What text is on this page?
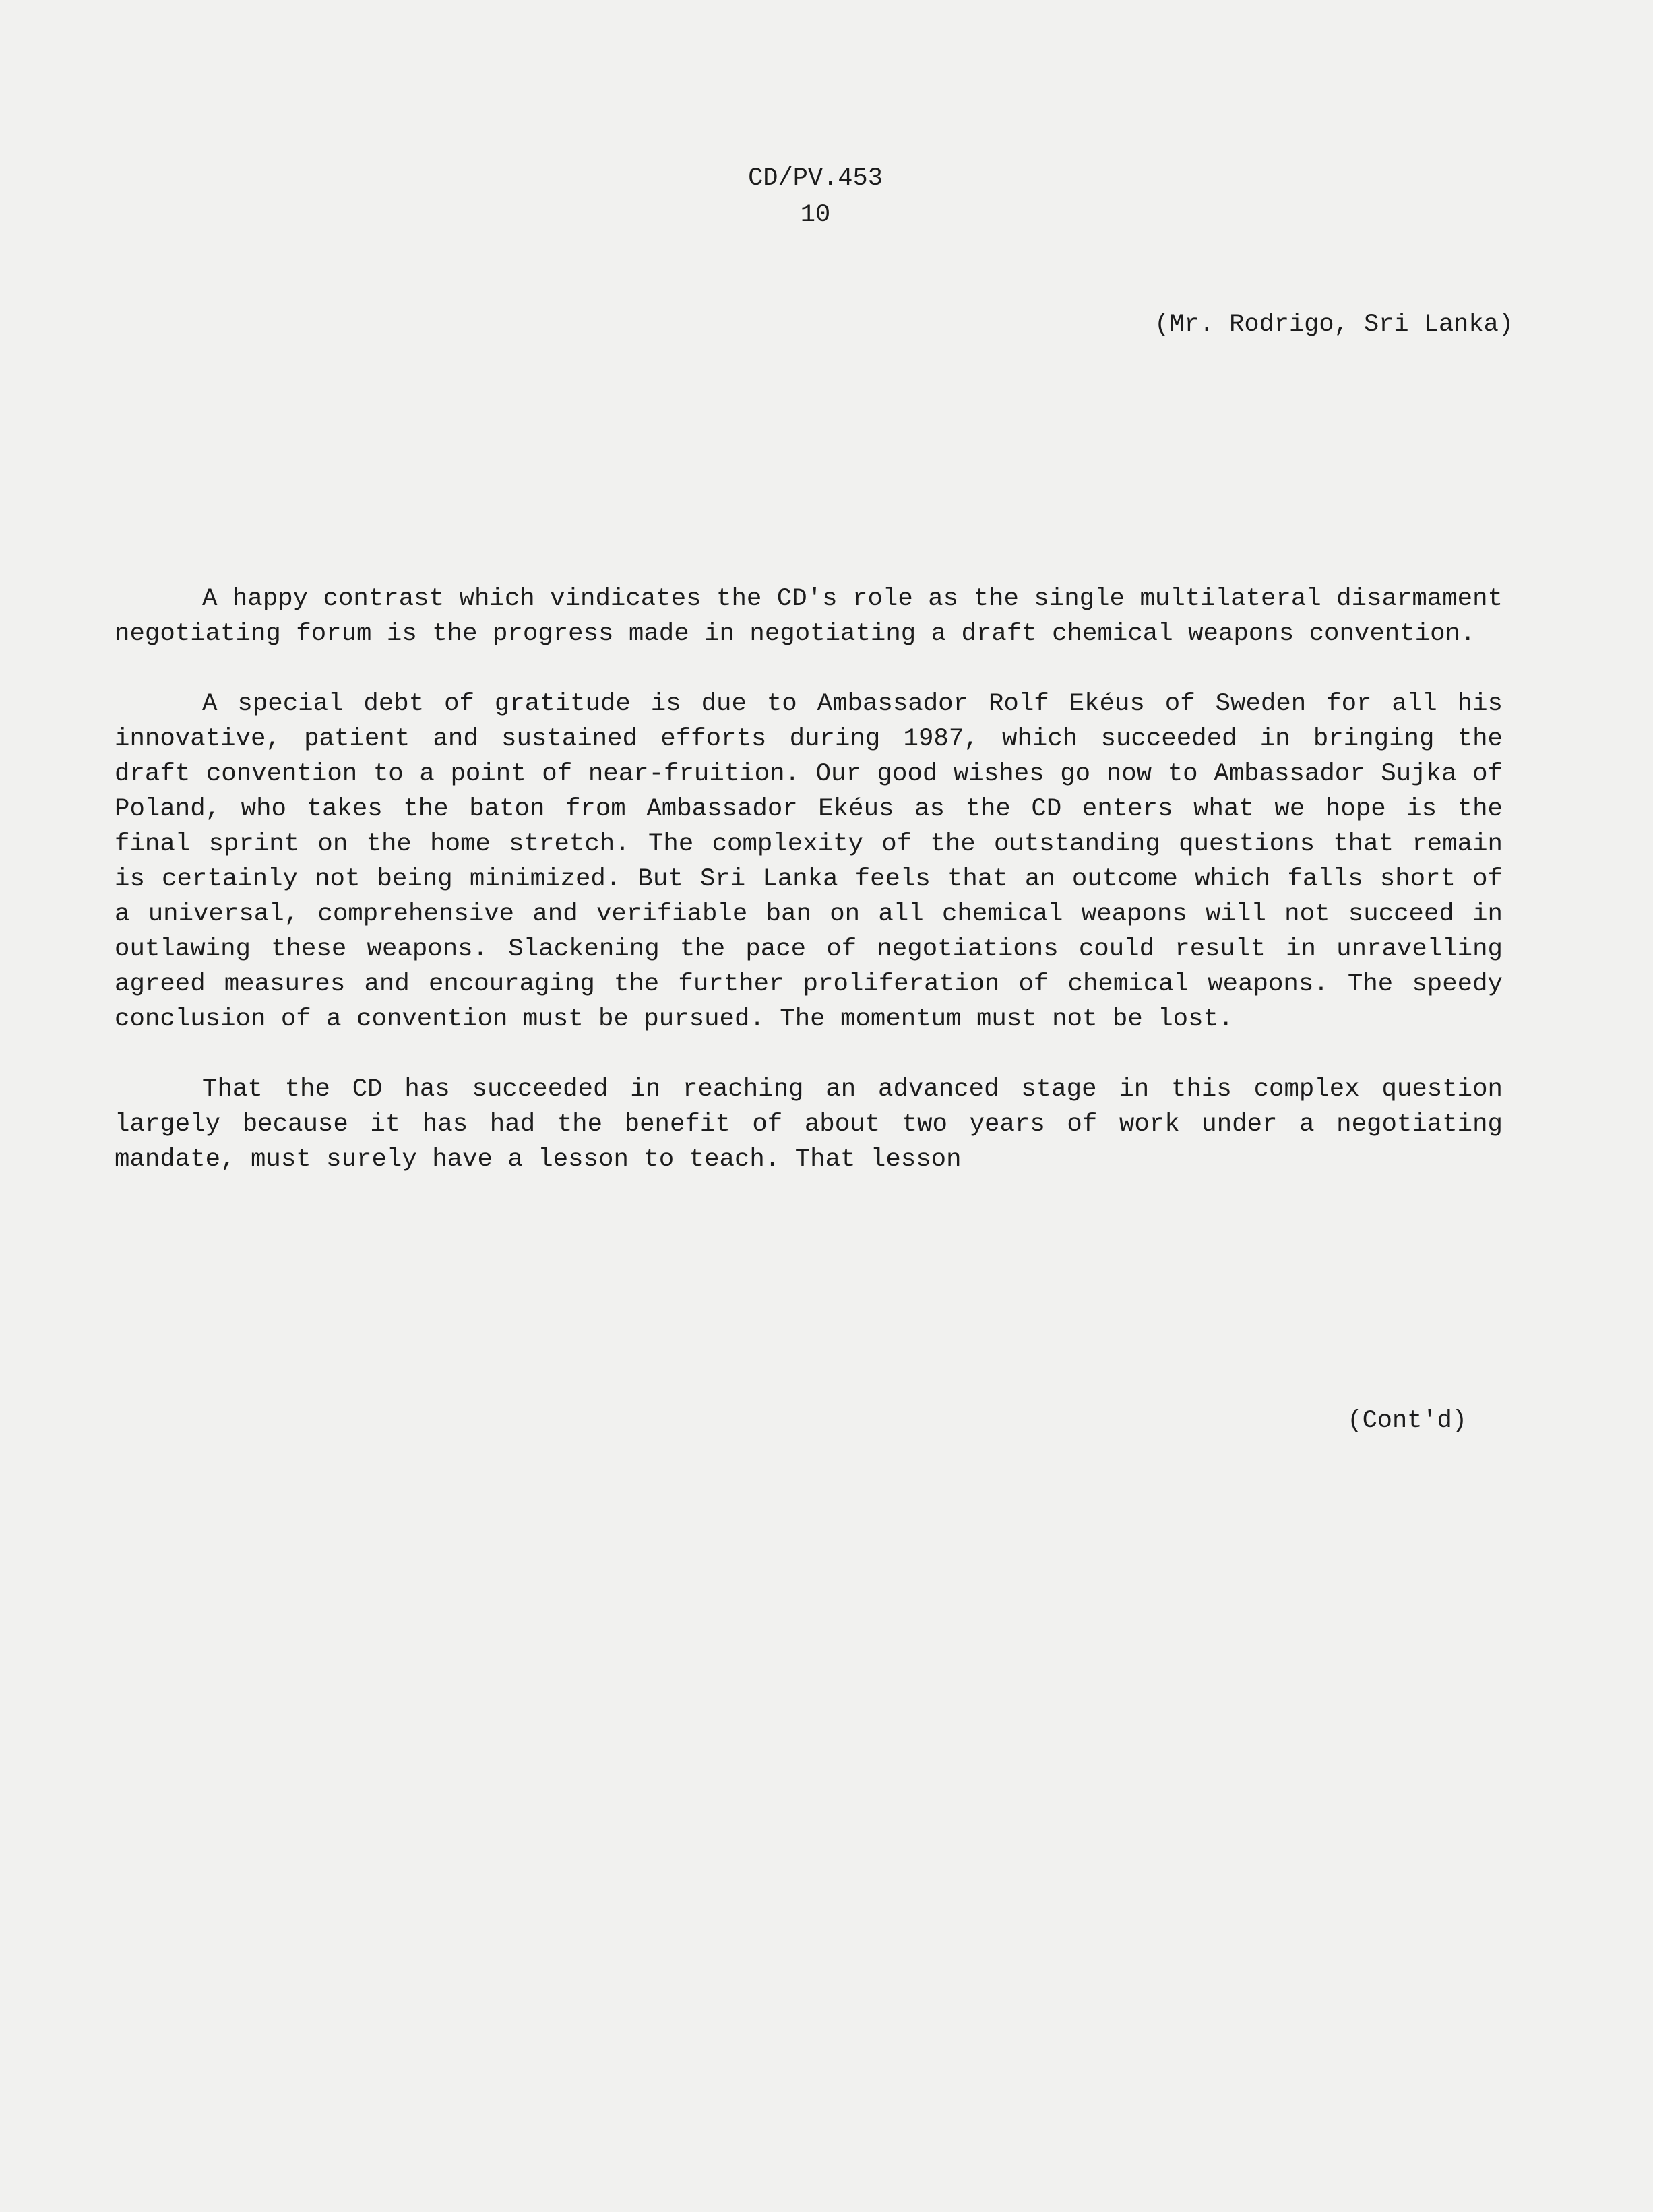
CD/PV.453
10
(Mr. Rodrigo, Sri Lanka)

A happy contrast which vindicates the CD's role as the single multilateral disarmament negotiating forum is the progress made in negotiating a draft chemical weapons convention.

A special debt of gratitude is due to Ambassador Rolf Ekéus of Sweden for all his innovative, patient and sustained efforts during 1987, which succeeded in bringing the draft convention to a point of near-fruition. Our good wishes go now to Ambassador Sujka of Poland, who takes the baton from Ambassador Ekéus as the CD enters what we hope is the final sprint on the home stretch. The complexity of the outstanding questions that remain is certainly not being minimized. But Sri Lanka feels that an outcome which falls short of a universal, comprehensive and verifiable ban on all chemical weapons will not succeed in outlawing these weapons. Slackening the pace of negotiations could result in unravelling agreed measures and encouraging the further proliferation of chemical weapons. The speedy conclusion of a convention must be pursued. The momentum must not be lost.

That the CD has succeeded in reaching an advanced stage in this complex question largely because it has had the benefit of about two years of work under a negotiating mandate, must surely have a lesson to teach. That lesson

(Cont'd)
